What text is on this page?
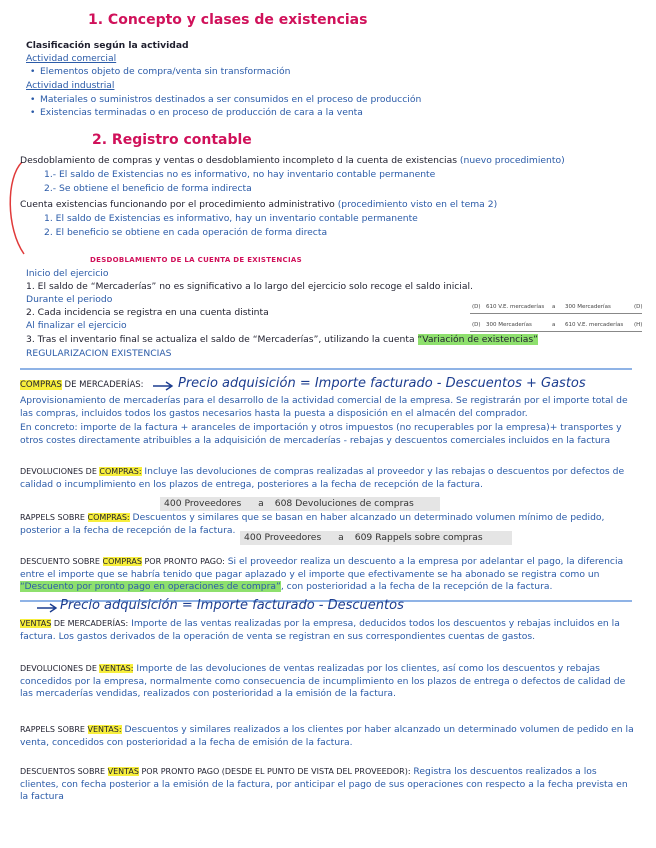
1. Concepto y clases de existencias
Clasificación según la actividad
Actividad comercial
• Elementos objeto de compra/venta sin transformación
Actividad industrial
• Materiales o suministros destinados a ser consumidos en el proceso de producción
• Existencias terminadas o en proceso de producción de cara a la venta
2. Registro contable
Desdoblamiento de compras y ventas o desdoblamiento incompleto d la cuenta de existencias (nuevo procedimiento)
1.- El saldo de Existencias no es informativo, no hay inventario contable permanente
2.- Se obtiene el beneficio de forma indirecta
Cuenta existencias funcionando por el procedimiento administrativo (procedimiento visto en el tema 2)
1. El saldo de Existencias es informativo, hay un inventario contable permanente
2. El beneficio se obtiene en cada operación de forma directa
DESDOBLAMIENTO DE LA CUENTA DE EXISTENCIAS
Inicio del ejercicio
1. El saldo de “Mercaderías” no es significativo a lo largo del ejercicio solo recoge el saldo inicial.
Durante el periodo
2. Cada incidencia se registra en una cuenta distinta
Al finalizar el ejercicio
3. Tras el inventario final se actualiza el saldo de “Mercaderías”, utilizando la cuenta “Variación de existencias”
REGULARIZACION EXISTENCIAS
(D) 610 V.E. mercaderías a 300 Mercaderías	(D)
(D) 300 Mercaderías	a 610 V.E. mercaderías (H)
COMPRAS DE MERCADERÍAS:	Precio adquisición = Importe facturado - Descuentos + Gastos
Aprovisionamiento de mercaderías para el desarrollo de la actividad comercial de la empresa. Se registrarán por el importe total de las compras, incluidos todos los gastos necesarios hasta la puesta a disposición en el almacén del comprador.
En concreto: importe de la factura + aranceles de importación y otros impuestos (no recuperables por la empresa)+ transportes y otros costes directamente atribuibles a la adquisición de mercaderías - rebajas y descuentos comerciales incluidos en la factura
DEVOLUCIONES DE COMPRAS: Incluye las devoluciones de compras realizadas al proveedor y las rebajas o descuentos por defectos de calidad o incumplimiento en los plazos de entrega, posteriores a la fecha de recepción de la factura.
400 Proveedores a 608 Devoluciones de compras
RAPPELS SOBRE COMPRAS: Descuentos y similares que se basan en haber alcanzado un determinado volumen mínimo de pedido, posterior a la fecha de recepción de la factura.
400 Proveedores a 609 Rappels sobre compras
DESCUENTO SOBRE COMPRAS POR PRONTO PAGO: Si el proveedor realiza un descuento a la empresa por adelantar el pago, la diferencia entre el importe que se habría tenido que pagar aplazado y el importe que efectivamente se ha abonado se registra como un “Descuento por pronto pago en operaciones de compra”, con posterioridad a la fecha de la recepción de la factura.
Precio adquisición = Importe facturado - Descuentos
VENTAS DE MERCADERÍAS: Importe de las ventas realizadas por la empresa, deducidos todos los descuentos y rebajas incluidos en la factura. Los gastos derivados de la operación de venta se registran en sus correspondientes cuentas de gastos.
DEVOLUCIONES DE VENTAS: Importe de las devoluciones de ventas realizadas por los clientes, así como los descuentos y rebajas concedidos por la empresa, normalmente como consecuencia de incumplimiento en los plazos de entrega o defectos de calidad de las mercaderías vendidas, realizados con posterioridad a la emisión de la factura.
RAPPELS SOBRE VENTAS: Descuentos y similares realizados a los clientes por haber alcanzado un determinado volumen de pedido en la venta, concedidos con posterioridad a la fecha de emisión de la factura.
DESCUENTOS SOBRE VENTAS POR PRONTO PAGO (DESDE EL PUNTO DE VISTA DEL PROVEEDOR): Registra los descuentos realizados a los clientes, con fecha posterior a la emisión de la factura, por anticipar el pago de sus operaciones con respecto a la fecha prevista en la factura
